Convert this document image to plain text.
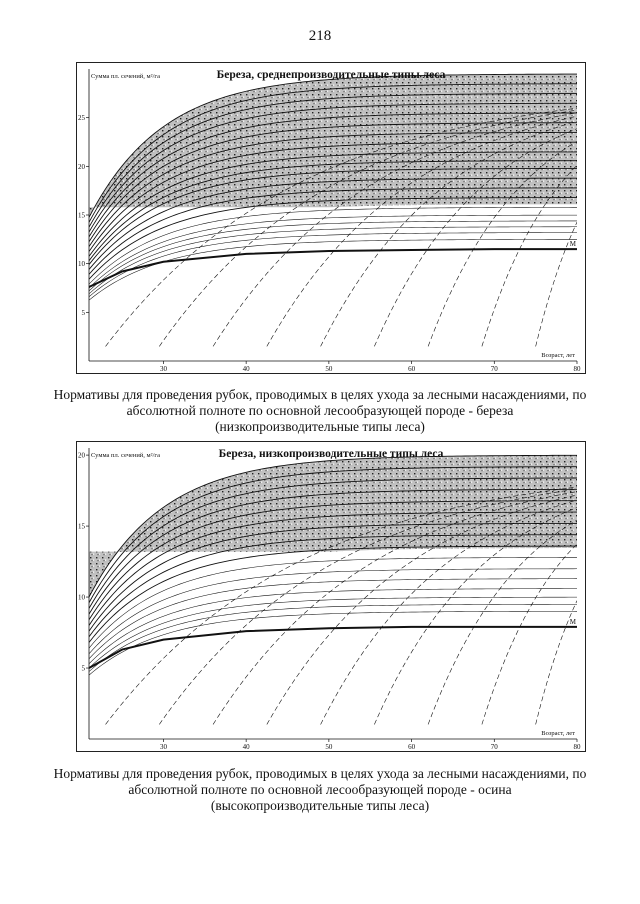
218
M
30	40	50	60	70	80
5
10
15
20
25
Береза, среднепроизводительные типы леса
Сумма пл. сечений, м²/га
Возраст, лет
Нормативы для проведения рубок, проводимых в целях ухода за лесными насаждениями, по
абсолютной полноте по основной лесообразующей породе - береза
(низкопроизводительные типы леса)
M
30	40	50	60	70	80
5
10
15
20	Береза, низкопроизводительные типы леса
Сумма пл. сечений, м²/га
Возраст, лет
Нормативы для проведения рубок, проводимых в целях ухода за лесными насаждениями, по
абсолютной полноте по основной лесообразующей породе - осина
(высокопроизводительные типы леса)
